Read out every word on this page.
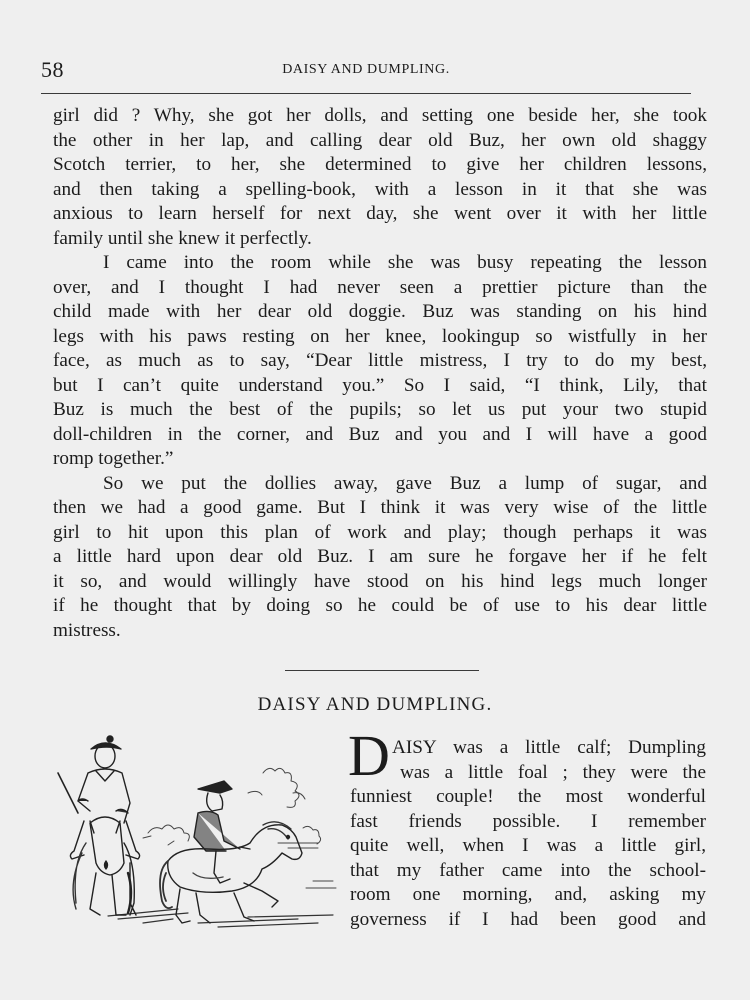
58	DAISY AND DUMPLING.
girl did ? Why, she got her dolls, and setting one beside her, she took
the other in her lap, and calling dear old Buz, her own old shaggy
Scotch terrier, to her, she determined to give her children lessons,
and then taking a spelling-book, with a lesson in it that she was
anxious to learn herself for next day, she went over it with her little
family until she knew it perfectly.
I came into the room while she was busy repeating the lesson
over, and I thought I had never seen a prettier picture than the
child made with her dear old doggie. Buz was standing on his hind
legs with his paws resting on her knee, lookingup so wistfully in her
face, as much as to say, “Dear little mistress, I try to do my best,
but I can’t quite understand you.” So I said, “I think, Lily, that
Buz is much the best of the pupils; so let us put your two stupid
doll-children in the corner, and Buz and you and I will have a good
romp together.”
So we put the dollies away, gave Buz a lump of sugar, and
then we had a good game. But I think it was very wise of the little
girl to hit upon this plan of work and play; though perhaps it was
a little hard upon dear old Buz. I am sure he forgave her if he felt
it so, and would willingly have stood on his hind legs much longer
if he thought that by doing so he could be of use to his dear little
mistress.
DAISY AND DUMPLING.
D AISY was a little calf; Dumpling
was a little foal ; they were the
funniest couple! the most wonderful
fast friends possible. I remember
quite well, when I was a little girl,
that my father came into the school-
room one morning, and, asking my
governess if I had been good and
